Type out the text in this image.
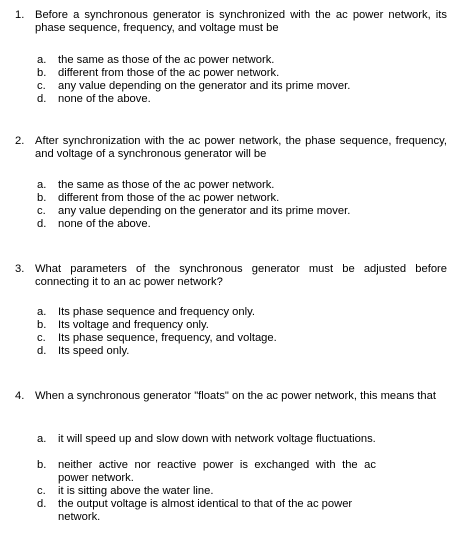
1. Before a synchronous generator is synchronized with the ac power network, its phase sequence, frequency, and voltage must be
a. the same as those of the ac power network.
b. different from those of the ac power network.
c. any value depending on the generator and its prime mover.
d. none of the above.
2. After synchronization with the ac power network, the phase sequence, frequency, and voltage of a synchronous generator will be
a. the same as those of the ac power network.
b. different from those of the ac power network.
c. any value depending on the generator and its prime mover.
d. none of the above.
3. What parameters of the synchronous generator must be adjusted before connecting it to an ac power network?
a. Its phase sequence and frequency only.
b. Its voltage and frequency only.
c. Its phase sequence, frequency, and voltage.
d. Its speed only.
4. When a synchronous generator "floats" on the ac power network, this means that
a. it will speed up and slow down with network voltage fluctuations.
b. neither active nor reactive power is exchanged with the ac power network.
c. it is sitting above the water line.
d. the output voltage is almost identical to that of the ac power network.
